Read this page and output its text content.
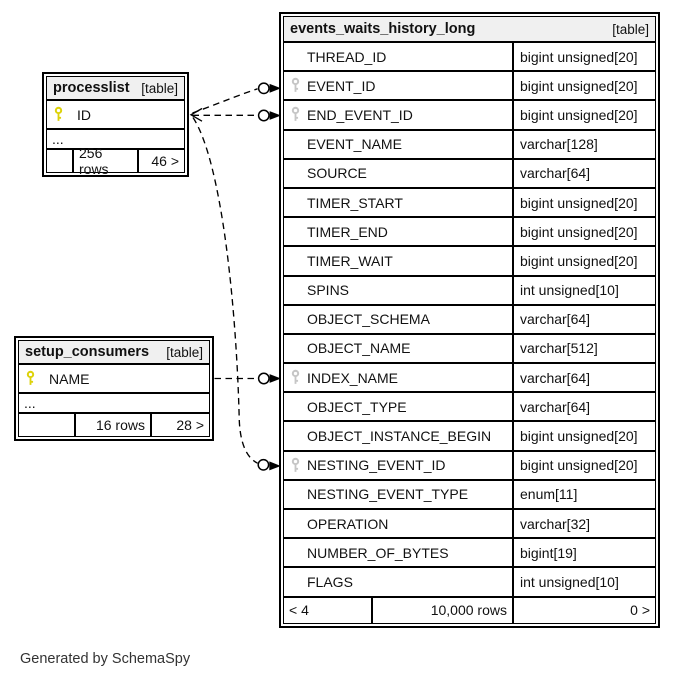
events_waits_history_long	[table]
THREAD_ID	bigint unsigned[20]
EVENT_ID	bigint unsigned[20]
END_EVENT_ID	bigint unsigned[20]
EVENT_NAME	varchar[128]
SOURCE	varchar[64]
TIMER_START	bigint unsigned[20]
TIMER_END	bigint unsigned[20]
TIMER_WAIT	bigint unsigned[20]
SPINS	int unsigned[10]
OBJECT_SCHEMA	varchar[64]
OBJECT_NAME	varchar[512]
INDEX_NAME	varchar[64]
OBJECT_TYPE	varchar[64]
OBJECT_INSTANCE_BEGIN	bigint unsigned[20]
NESTING_EVENT_ID	bigint unsigned[20]
NESTING_EVENT_TYPE	enum[11]
OPERATION	varchar[32]
NUMBER_OF_BYTES	bigint[19]
FLAGS	int unsigned[10]
< 4	10,000 rows	0 >
processlist [table]
ID
...
256 rows	46 >
setup_consumers [table]
NAME
...
16 rows	28 >
Generated by SchemaSpy
